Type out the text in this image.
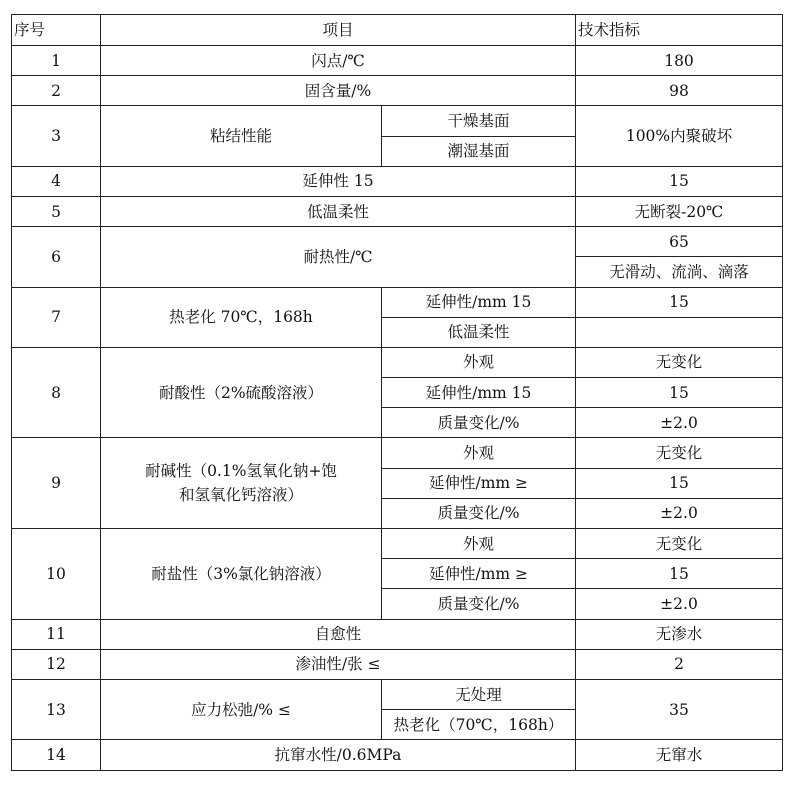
序号	项目		技术指标
1	闪点/℃		180
2	固含量/%		98
3	粘结性能	干燥基面	100%内聚破坏
		潮湿基面	
4	延伸性 15		15
5	低温柔性		无断裂-20℃
6	耐热性/℃		65
			无滑动、流淌、滴落
7	热老化 70℃，168h	延伸性/mm 15	15
		低温柔性	
8	耐酸性（2%硫酸溶液）	外观	无变化
		延伸性/mm 15	15
		质量变化/%	±2.0
9	耐碱性（0.1%氢氧化钠+饱
和氢氧化钙溶液）	外观	无变化
		延伸性/mm ≥	15
		质量变化/%	±2.0
10	耐盐性（3%氯化钠溶液）	外观	无变化
		延伸性/mm ≥	15
		质量变化/%	±2.0
11	自愈性		无渗水
12	渗油性/张 ≤		2
13	应力松弛/% ≤	无处理	35
		热老化（70℃，168h）	
14	抗窜水性/0.6MPa		无窜水
